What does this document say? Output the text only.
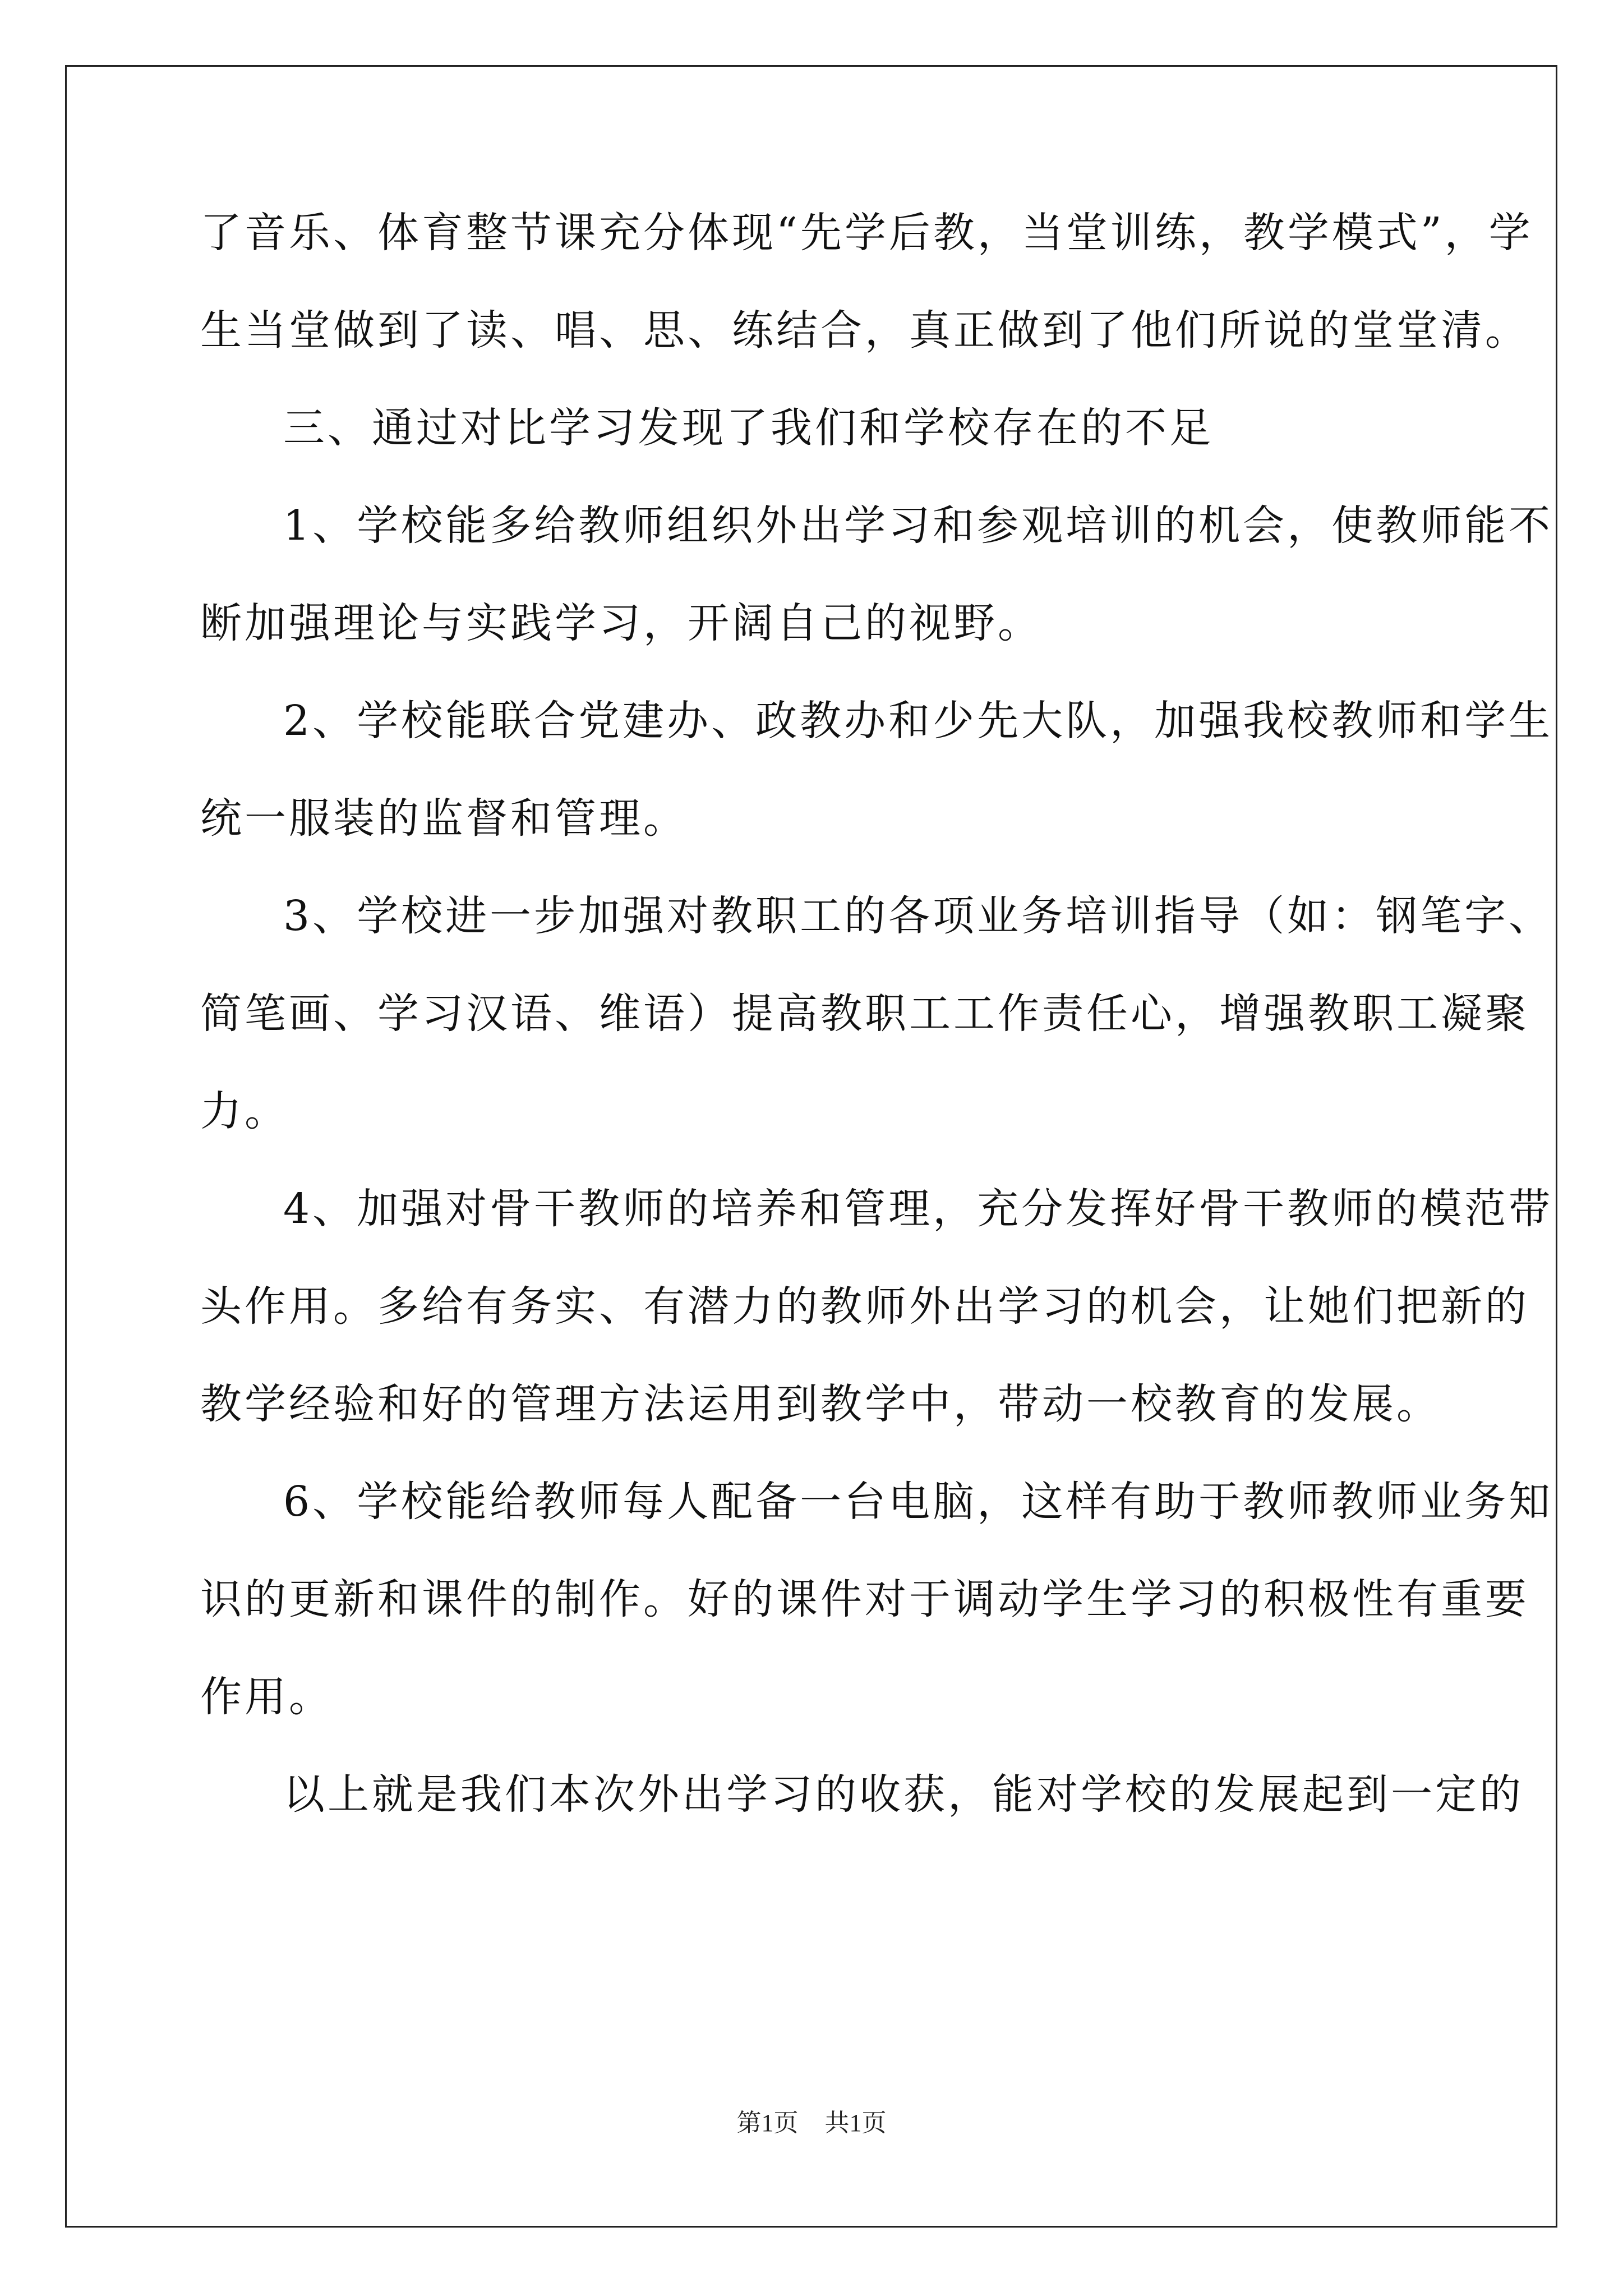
了音乐、体育整节课充分体现“先学后教，当堂训练，教学模式”，学
生当堂做到了读、唱、思、练结合，真正做到了他们所说的堂堂清。
三、通过对比学习发现了我们和学校存在的不足
1、学校能多给教师组织外出学习和参观培训的机会，使教师能不
断加强理论与实践学习，开阔自己的视野。
2、学校能联合党建办、政教办和少先大队，加强我校教师和学生
统一服装的监督和管理。
3、学校进一步加强对教职工的各项业务培训指导（如：钢笔字、
简笔画、学习汉语、维语）提高教职工工作责任心，增强教职工凝聚
力。
4、加强对骨干教师的培养和管理，充分发挥好骨干教师的模范带
头作用。多给有务实、有潜力的教师外出学习的机会，让她们把新的
教学经验和好的管理方法运用到教学中，带动一校教育的发展。
6、学校能给教师每人配备一台电脑，这样有助于教师教师业务知
识的更新和课件的制作。好的课件对于调动学生学习的积极性有重要
作用。
以上就是我们本次外出学习的收获，能对学校的发展起到一定的
第1页 共1页
